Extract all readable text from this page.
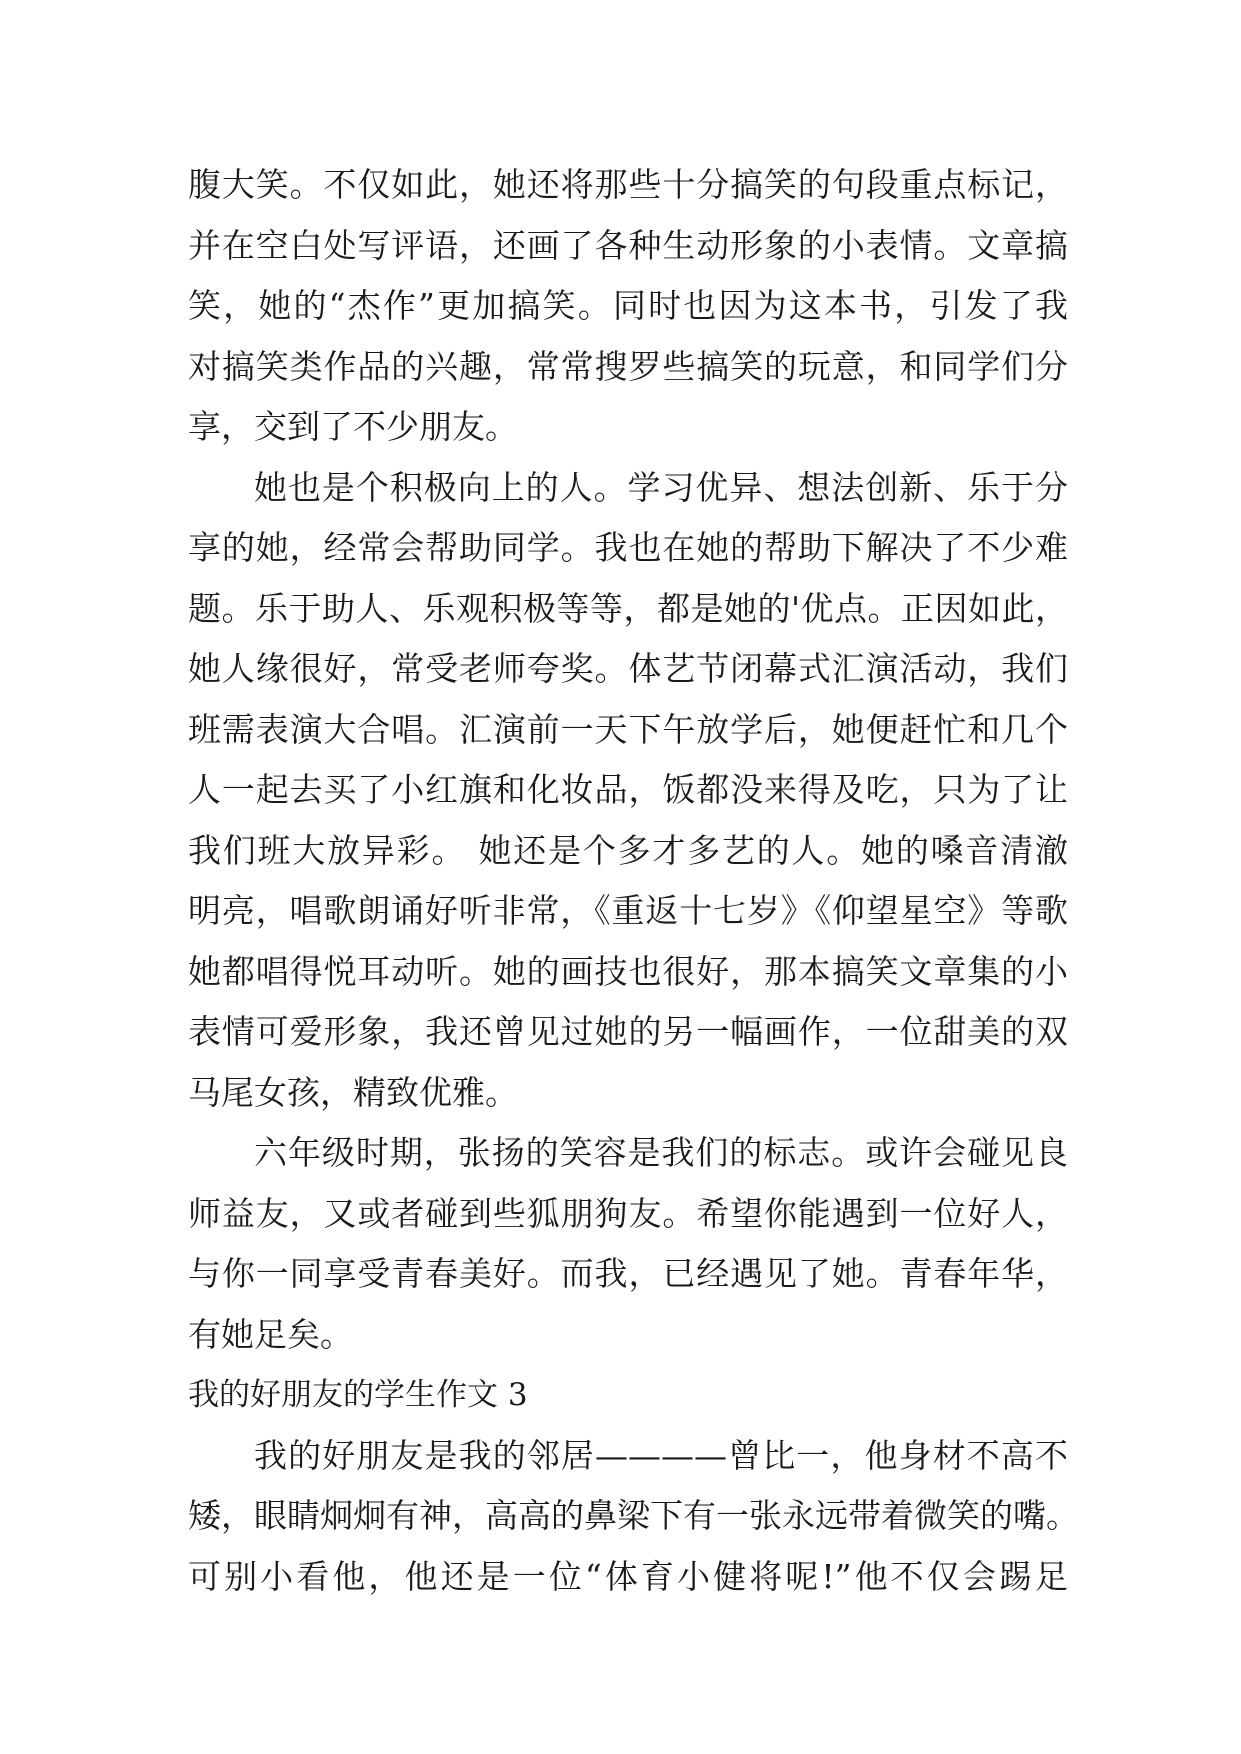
腹大笑。不仅如此，她还将那些十分搞笑的句段重点标记，
并在空白处写评语，还画了各种生动形象的小表情。文章搞
笑，她的“杰作”更加搞笑。同时也因为这本书，引发了我
对搞笑类作品的兴趣，常常搜罗些搞笑的玩意，和同学们分
享，交到了不少朋友。
她也是个积极向上的人。学习优异、想法创新、乐于分
享的她，经常会帮助同学。我也在她的帮助下解决了不少难
题。乐于助人、乐观积极等等，都是她的'优点。正因如此，
她人缘很好，常受老师夸奖。体艺节闭幕式汇演活动，我们
班需表演大合唱。汇演前一天下午放学后，她便赶忙和几个
人一起去买了小红旗和化妆品，饭都没来得及吃，只为了让
我们班大放异彩。 她还是个多才多艺的人。她的嗓音清澈
明亮，唱歌朗诵好听非常，《重返十七岁》《仰望星空》等歌
她都唱得悦耳动听。她的画技也很好，那本搞笑文章集的小
表情可爱形象，我还曾见过她的另一幅画作，一位甜美的双
马尾女孩，精致优雅。
六年级时期，张扬的笑容是我们的标志。或许会碰见良
师益友，又或者碰到些狐朋狗友。希望你能遇到一位好人，
与你一同享受青春美好。而我，已经遇见了她。青春年华，
有她足矣。
我的好朋友的学生作文 3
我的好朋友是我的邻居————曾比一，他身材不高不
矮，眼睛炯炯有神，高高的鼻梁下有一张永远带着微笑的嘴。
可别小看他，他还是一位“体育小健将呢!”他不仅会踢足
